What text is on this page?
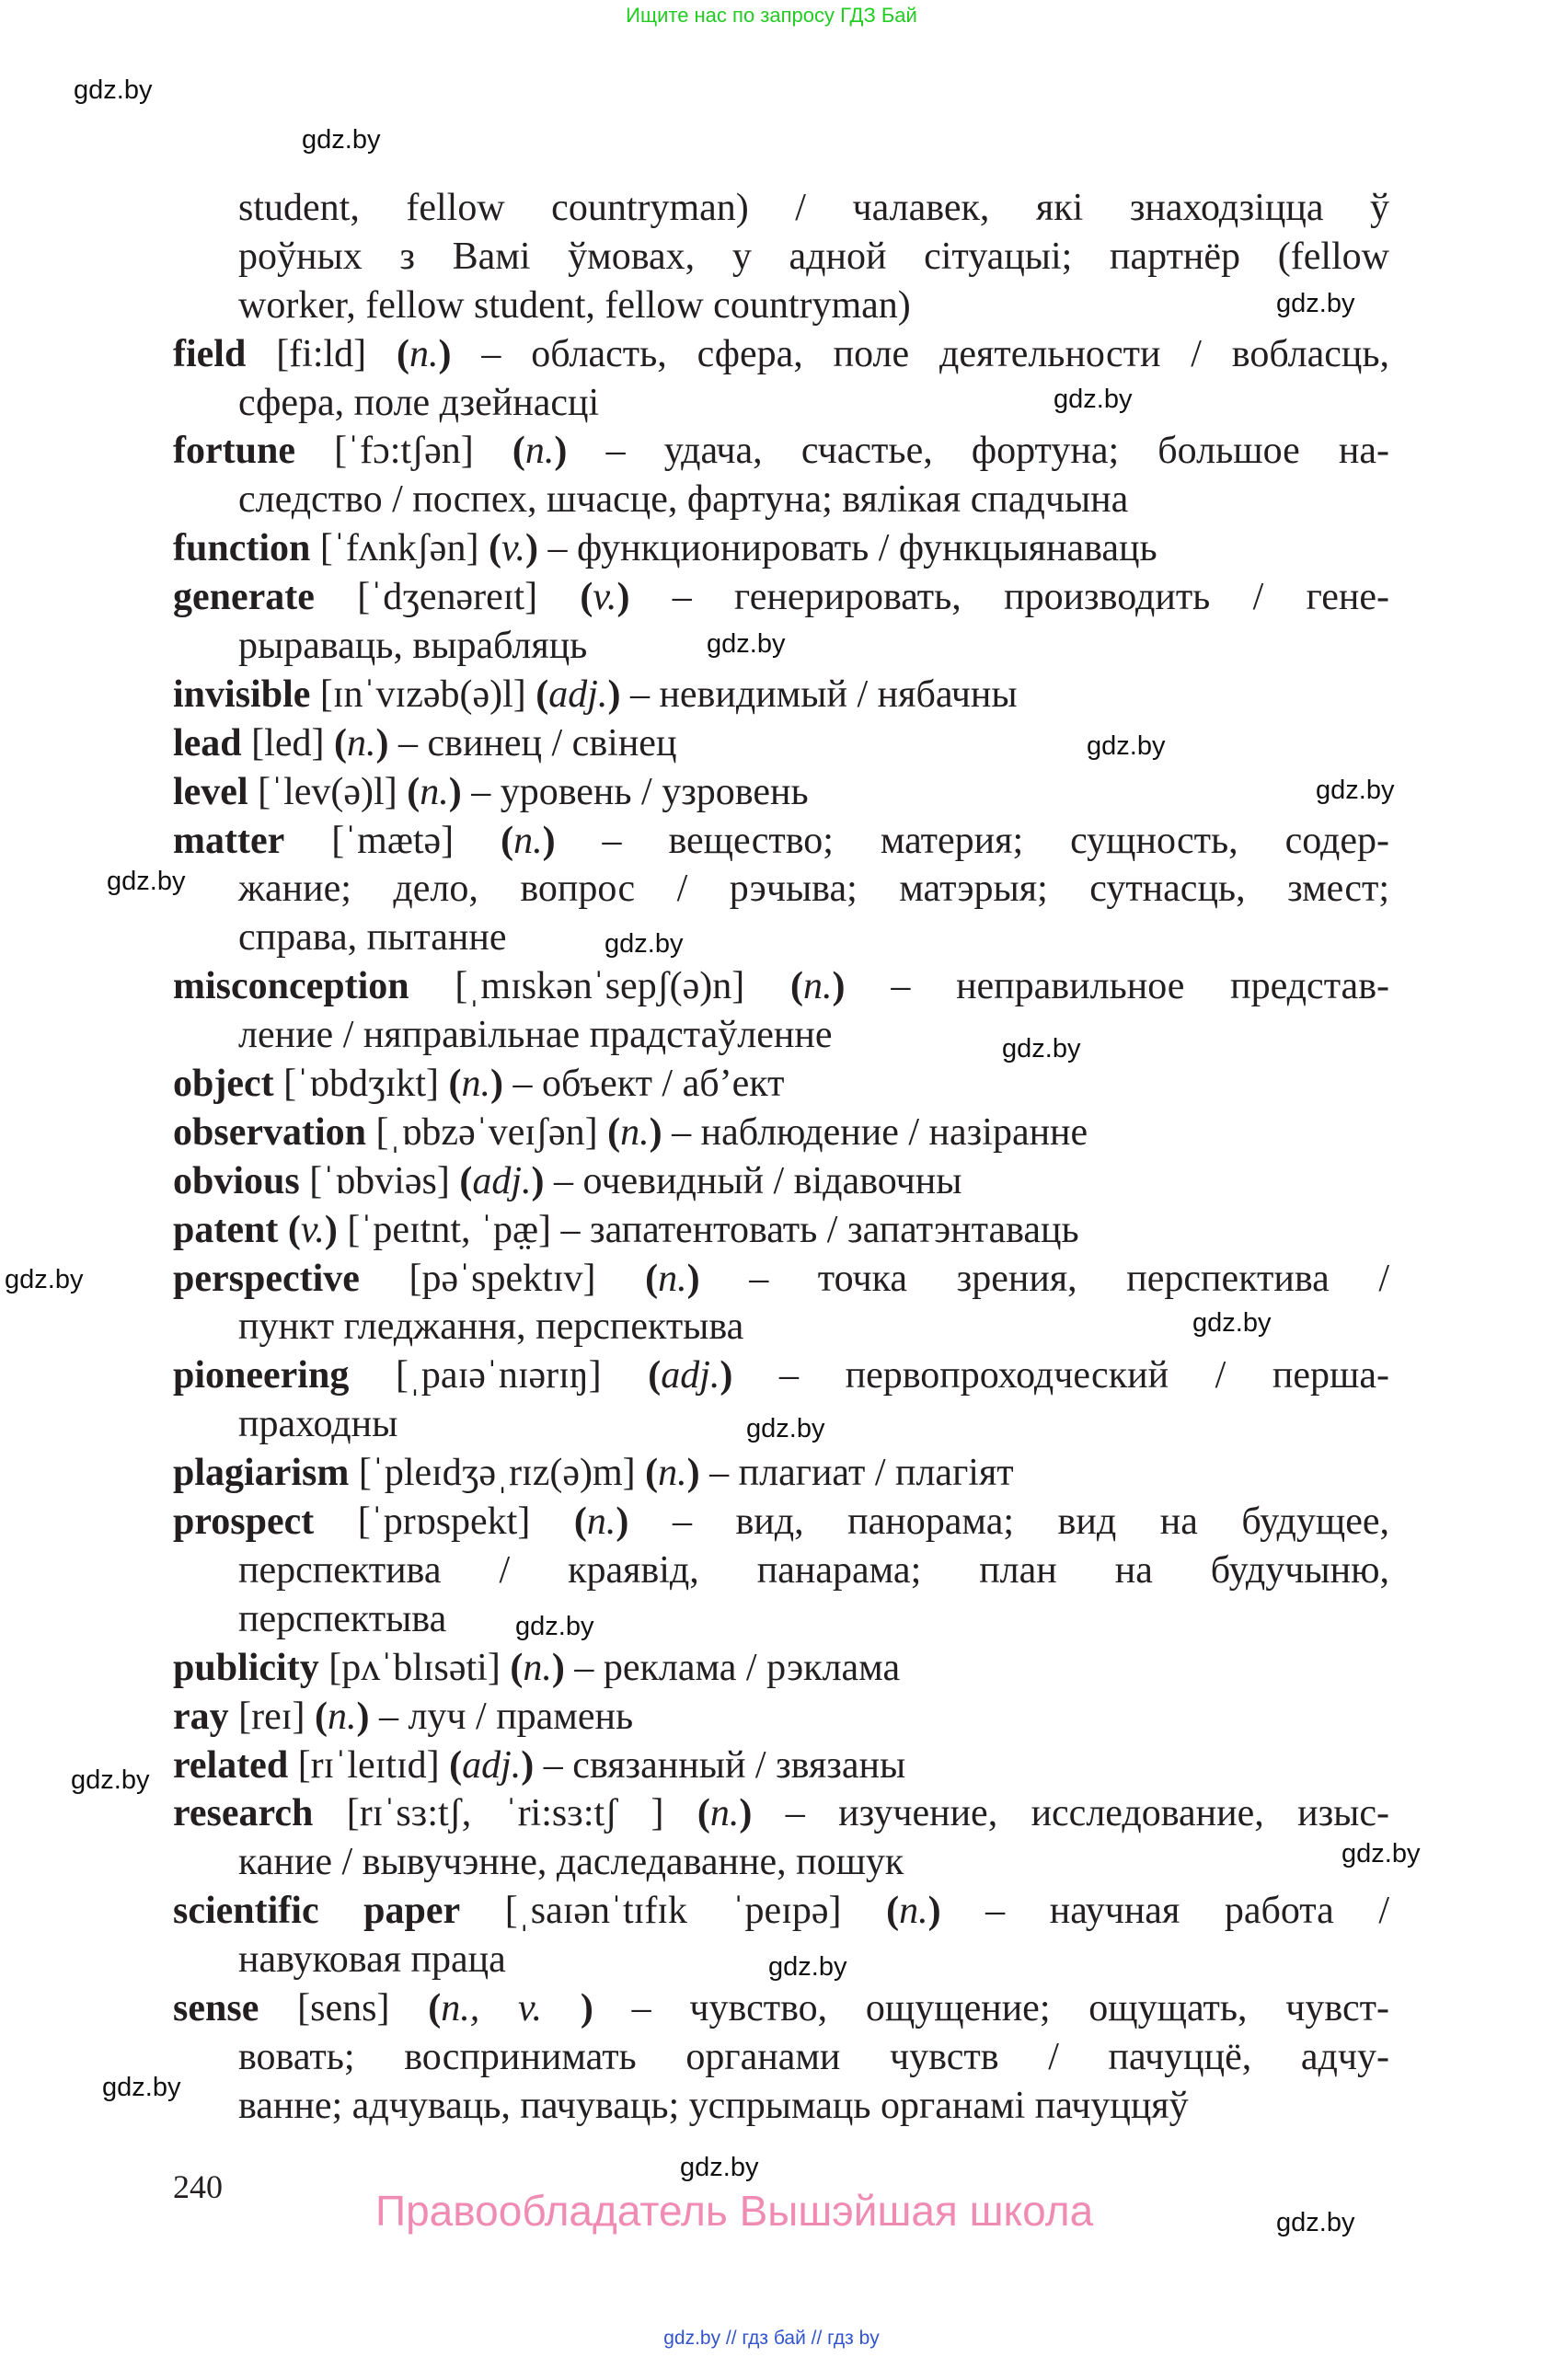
Ищите нас по запросу ГДЗ Бай
student, fellow countryman) / чалавек, які знаходзіцца ў
роўных з Вамі ўмовах, у адной сітуацыі; партнёр (fellow
worker, fellow student, fellow countryman)
field [fi:ld] (n.) – область, сфера, поле деятельности / вобласць,
сфера, поле дзейнасці
fortune [ˈfɔ:tʃən] (n.) – удача, счастье, фортуна; большое на-
следство / поспех, шчасце, фартуна; вялікая спадчына
function [ˈfʌnkʃən] (v.) – функционировать / функцыянаваць
generate [ˈdʒenəreɪt] (v.) – генерировать, производить / гене-
рыраваць, вырабляць
invisible [ɪnˈvɪzəb(ə)l] (adj.) – невидимый / нябачны
lead [led] (n.) – свинец / свінец
level [ˈlev(ə)l] (n.) – уровень / узровень
matter [ˈmætə] (n.) – вещество; материя; сущность, содер-
жание; дело, вопрос / рэчыва; матэрыя; сутнасць, змест;
справа, пытанне
misconception [ˌmɪskənˈsepʃ(ə)n] (n.) – неправильное представ-
ление / няправільнае прадстаўленне
object [ˈɒbdʒɪkt] (n.) – объект / аб’ект
observation [ˌɒbzəˈveɪʃən] (n.) – наблюдение / назіранне
obvious [ˈɒbviəs] (adj.) – очевидный / відавочны
patent (v.) [ˈpeɪtnt, ˈpæ̤] – запатентовать / запатэнтаваць
perspective [pəˈspektɪv] (n.) – точка зрения, перспектива /
пункт гледжання, перспектыва
pioneering [ˌpaɪəˈnɪərɪŋ] (adj.) – первопроходческий / перша-
праходны
plagiarism [ˈpleɪdʒəˌrɪz(ə)m] (n.) – плагиат / плагіят
prospect [ˈprɒspekt] (n.) – вид, панорама; вид на будущее,
перспектива / краявід, панарама; план на будучыню,
перспектыва
publicity [pʌˈblɪsəti] (n.) – реклама / рэклама
ray [reɪ] (n.) – луч / прамень
related [rɪˈleɪtɪd] (adj.) – связанный / звязаны
research [rɪˈsɜ:tʃ, ˈri:sɜ:tʃ ] (n.) – изучение, исследование, изыс-
кание / вывучэнне, даследаванне, пошук
scientific paper [ˌsaɪənˈtɪfɪk ˈpeɪpə] (n.) – научная работа /
навуковая праца
sense [sens] (n., v. ) – чувство, ощущение; ощущать, чувст-
вовать; воспринимать органами чувств / пачуццё, адчу-
ванне; адчуваць, пачуваць; успрымаць органамі пачуццяў
240	Правообладатель Вышэйшая школа
gdz.by // гдз бай // гдз by
gdz.by
gdz.by
gdz.by
gdz.by
gdz.by
gdz.by
gdz.by
gdz.by
gdz.by
gdz.by
gdz.by
gdz.by
gdz.by
gdz.by
gdz.by
gdz.by
gdz.by
gdz.by
gdz.by
gdz.by
